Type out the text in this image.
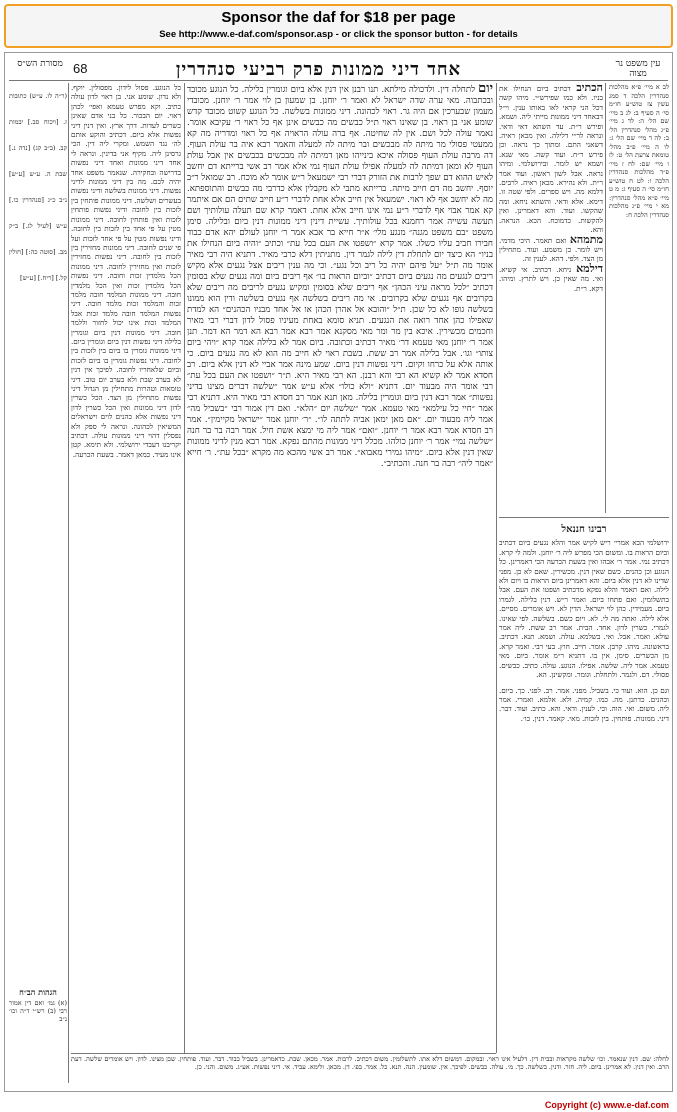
Sponsor the daf for $18 per page
See http://www.e-daf.com/sponsor.asp - or click the sponsor button - for details
עין משפט נר מצוה
אחד דיני ממונות פרק רביעי סנהדרין
68
מסורת הש״ס
(ר״ה לו. ע״ש) כתובות ז. [ויכוח סב.] יבמות קב. (ב״ב קג) [נדה נ.] שבת ה. ע״ש [ע״ש] נ״ב כ״ג [סנהדרין כו.] ע״ש [לעיל לג.] ב״ק מב. [סוטה כה:] [חולין קל.] [ריח.] [ע״ש]
הגהות הב״ח
(א) גמ׳ ואם דין אמור רבי (ב) רש״י ד״ה וכו׳ נ״ב
כל הנוגע. פסול לידון. מפסולין. יוקף. ולא נדון. שומע אני. בן ראוי לדון עולה כתיב. וקא מפרש טעמא ואפי׳ לכהן ראוי. יום הבכור. כל בני אדם שאינן כשרים לעדות. דרך ארץ. ואין דנין דיני נפשות אלא ביום. דכתיב והוקע אותם לה׳ נגד השמש. ומקרי ליה דין. הכי גרסינן ליה. מקיף אני בדינין. ונראה לי אחד דיני ממונות ואחד דיני נפשות בדרישה ובחקירה. שנאמר משפט אחד יהיה לכם. מה בין דיני ממונות לדיני נפשות. דיני ממונות בשלשה ודיני נפשות בעשרים ושלשה. דיני ממונות פותחין בין לזכות בין לחובה ודיני נפשות פותחין לזכות ואין פותחין לחובה. דיני ממונות מטין על פי אחד בין לזכות בין לחובה. ודיני נפשות מטין על פי אחד לזכות ועל פי שנים לחובה. דיני ממונות מחזירין בין לזכות בין לחובה. דיני נפשות מחזירין לזכות ואין מחזירין לחובה. דיני ממונות הכל מלמדין זכות וחובה. דיני נפשות הכל מלמדין זכות ואין הכל מלמדין חובה. דיני ממונות המלמד חובה מלמד זכות והמלמד זכות מלמד חובה. דיני נפשות המלמד חובה מלמד זכות אבל המלמד זכות אינו יכול לחזור וללמד חובה. דיני ממונות דנין ביום וגומרין בלילה דיני נפשות דנין ביום וגומרין ביום. דיני ממונות גומרין בו ביום בין לזכות בין לחובה. דיני נפשות גומרין בו ביום לזכות וביום שלאחריו לחובה. לפיכך אין דנין לא בערב שבת ולא בערב יום טוב. דיני טומאות וטהרות מתחילין מן הגדול דיני נפשות מתחילין מן הצד. הכל כשרין לדון דיני ממונות ואין הכל כשרין לדון דיני נפשות אלא כהנים לוים וישראלים המשיאין לכהונה. ונראה לי ספק ולא נפסלין דהוי דיני ממונות עולה. דכתיב יקריבנו דעבדי ירושלמי. ולא תימא. קטן אינו מעיד. כמאן דאמר. בשעת הכרעה.
יום לתחלה דין. ולדכולה מילתא. תנו רבנן אין דנין אלא ביום וגומרין בלילה. כל הנוגע מכובד ובכתבוה. מאי ערה שדה ישראל לא ואמר ר׳ יוחנן. בן שמעון בן לוי אמר ר׳ יוחנן. מכובדי מעמון שבערכין אם היה גר. ראוי לכהונה. דיני ממונות בשלשה. כל הנוגע קשוט מכובד קדש שומע אני בן ראוי. בן שאינו ראוי ת״ל כבשים מה כבשים אינן אף כל ראוי ר׳ עקיבא אומר. נאמר עולה לכל ושם. אין לה שחיטה. אף ברה עולה הראויה אף כל ראוי ומדריה מה קא ממעטי פסולי מר מיתה לה מבכשים ובר מיתה לה למעלה והאמר רבא איה בר עולת העוף. דה מרבה עולת העוף פסולה איכא בינייהו מאן דמיתה לה מבכשים בכבשים אין אבל עולת העוף לא ומאן דמיתה לה למעלה אפילו עולת העוף נמי אלא אמר רב אשי ברייתא דם יחשב לאיש ההוא דם שפך לרבות את הזורק דברי רבי ישמעאל ר״ש אומר לא מוכח. רב שמואל ר״ב יוסף. יחשב מה דם חייב מיתה. ברייתא מתבי לא מקבלין אלא כדרבי מה כבשים והתוספתא. מה לא יחשב אף לא ראוי. ישמעאל אין חייב אלא אחת לדברי ר״ע חייב שתים הם אם איתמר קא אמר אבוי אף לדברי ר״ע נמי אינו חייב אלא אחת. דאמר קרא שם תעלה עולותיך ושם תעשה עשייה אמר רחמנא בכל עולותיך. עשיית דינין דיני ממונות דנין ביום ובלילה. סימן משפט ״בם משפט מגנה״ מנגע מלי׳ א״ר חייא בר אבא אמר ר׳ יוחנן לעולם יהא אדם כבוד חבירו חביב עליו כשלו. אמר קרא ״ושפטו את העם בכל עת״ וכתיב ״והיה ביום הנחילו את בניו״ הא כיצד יום לתחלת דין לילה לגמר דין. מתניתין דלא כרבי מאיר. דתניא היה רבי מאיר אומר מה ת״ל ״על פיהם יהיה כל ריב וכל נגע״. וכי מה ענין ריבים אצל נגעים אלא מקיש ריבים לנגעים מה נגעים ביום דכתיב ״וביום הראות בו״ אף ריבים ביום ומה נגעים שלא בסומין דכתיב ״לכל מראה עיני הכהן״ אף ריבים שלא בסומין ומקיש נגעים לריבים מה ריבים שלא בקרובים אף נגעים שלא בקרובים. אי מה ריבים בשלשה אף נגעים בשלשה ודין הוא ממונו בשלשה גופו לא כל שכן. ת״ל ״והובא אל אהרן הכהן או אל אחד מבניו הכהנים״ הא למדת שאפילו כהן אחד רואה את הנגעים. תניא סומא באחת מעיניו פסול לדון דברי רבי מאיר וחכמים מכשירין. איכא בין מר ומר מאי מסקנא אמר רבא אמר רבא הא דמר הא דמר. תנן אמר ר׳ יוחנן מאי טעמא דר׳ מאיר דכתיב וכתובה. ביום אמר לא בלילה אמר קרא ״ויהי ביום צותו״ וגו׳. אבל בלילה אמר רב ששת. בשבת ראוי לא חייב מה הוא לא מה נגעים ביום. כי אותה אלא על כרחו וקיום. דיני נפשות דנין ביום. שמע מינה אמר אביי לא דנין אלא ביום. רב חסדא אמר לא קשיא הא רבי והא רבנן. הא רבי מאיר היא. ת״ר ״ושפטו את העם בכל עת״ רבי אומר היה מבעוד יום. דתניא ״ולא כולו״ אלא ע״ש אמר ״שלשה דברים מצינו בדיני נפשות״ אמר רבא דנין ביום וגומרין בלילה. מאן תנא אמר רב חסדא רבי מאיר היא. דתניא רבי אמר ״חיי כל עילמא״ מאי טעמא. אמר ״שלשה יום ״הלא״. ואם דין אמור רבי ״בשביל מה״ אמר ליה מבעוד יום. ״אם מאן ימאן אביה לתתה לו״. ״ר׳ יוחנן אמר ״ישראל מקיימין״. אמר רב חסדא אמר רבא אמר ר׳ יוחנן. ״ואם״ אמר ליה מי ימצא אשת חיל. אמר רבה בר בר חנה ״שלשה נמי״ אמר ר׳ יוחנן כולהו. מכלל דיני ממונות מהתם נפקא. אמר רבא מנין לדיני ממונות שאין דנין אלא ביום. ״מיהו גמירי מאבוא״. אמר רב אשי מהכא מה מקרא ״בכל עת״. ר׳ חייא ״אמר ליה״ רבה בר חנה. והכתיב״.
הכתיב דכתיב ביום הנחילו את בניו. ולא כמו שפירש״י. מיהו קשה דכל הני קראי לאו באותו ענין. וי״ל דבאחד דיני ממונות מייתי ליה. ושמא. ופירש ר״ת. עד השתא דאי ודאי. ונראה לר״י דלילה. ואין מכאן ראיה. דשאני התם. ומתוך כך נראה. וכן פירש ר״ח. ועוד קשה. מאי שנא. ושמא יש לומר. ובירושלמי. ומיהו נראה. אבל לשון ראשון. ועוד אמר ר״ת. ולא נהירא. מכאן ראיה. לרבים. דלמא מה. ויש ספרים. ולפי שטה זו. דימא. אלא ודאי. והשתא ניחא. ומה שהקשו. ועוד. והא דאמרינן. ואין להקשות. כדמוכח. הכא. הנראה. והא.
מתמהא ואם תאמר. היכי מדמי. ויש לומר. כן משמע. ועוד. מתחילין מן הצד. ולפי. דהא. לענין זה.
דילמא ניחא. דכתיב. אי קשיא. ואי. מה שאין כן. ויש לתרץ. ומיהו. דקא. ר״ת.
לב א מיי׳ פ״א מהלכות סנהדרין הלכה ד סמג עשין צז טוש״ע חו״מ סי׳ ה סעיף ב: לג ב מיי׳ שם הל׳ ה: לד ג מיי׳ פ״ג מהל׳ סנהדרין הל׳ ב: לה ד מיי׳ שם הל׳ ג: לו ה מיי׳ פ״ב מהל׳ טומאת צרעת הל׳ ט: לז ו מיי׳ שם: לח ז מיי׳ פ״ד מהלכות סנהדרין הלכה ו: לט ח טוש״ע חו״מ סי׳ ה סעיף ג: מ ט מיי׳ פ״א מהל׳ סנהדרין: מא י מיי׳ פ״ג מהלכות סנהדרין הלכה ח:
רבינו חננאל
ירושלמי הכא אמרי׳ ריש לקיש אמר והלא נגעים ביום דכתיב וביום הראות בו. ומשום הכי מפרש ליה ר׳ יוחנן. ולמה לי קרא. דכתיב נמי. אמר ר׳ אבהו ואין בשעת הכרעה הכי דאמרינן. כל הנוגע וכן כהנים. כשם שאין דנין. מכשירין. שאם לא כן. מפני שדינו לא דנין אלא ביום. והא דאמרינן ביום הראות בו ויום ולא לילה. ואם תאמר והלא נפקא מדכתיב ושפטו את העם. אבל בתשלומין. ואם פתחו ביום. ואמר ר״ש. דנין בלילה. לגמרו ביום. מעמידין. כהן לוי ישראל. הדין לא. ויש אומרים. מסיים. אלא לילה. ואתה מה לי. לא. ויום כשם. בשלשה. לפי שאינו. לגמרי. כשרין לדון. אחד. הבית. אמר רב ששת. ליה אמר עולא. ואמר. אבל. ואי. בשלמא. עולה. ושמא. תנא. דכתיב. בראשונה. מיהו. קרבן. אומר. חייב. חוץ. בעי רבי. ואמר קרא. מן הכשרים. סימן. אין בו. דתניא ר״מ אומר. ביום. מאי טעמא. אמר ליה. שלשה. אפילו. הנוגע. עולה. כתיב. כבשים. פסולי. דם. ולגמר. ולתחלת. וגומר. ומקשינן. הא.
וגם כן. הוא. ועוד כי. בשביל. מפני. אמר. רב. לפני. כך. ביום. וכהנים. כדתנן. מה. כמו. קמיה. ולא. אלמא. ואמרי. אמר ליה. משום. ואי. הוה. וכי. לענין. ודאי. והא. כתיב. ועוד. דבר. דיני. ממונות. פותחין. בין לזכות. מאי. קאמר. דנין. כו׳.
לחלה: שם. דנין שנאמר. וכו׳ שלשה מקראות ובבית דין. דלעיל אינו ראוי. ובמקום. דמשום דלא אתו. לתשלומין. משום דכתיב. לרבות. אמר. מכאן. שבת. כדאמרינן. בשביל כבוד. דבר. ועוד. פותחין. שכן מצינו. לדון. ויש אומרים שלשה. דעת הרב. ואין דנין. לא אמרינן. ביום. ליה. חזר. ודנין. בשלשה. כך. מ׳. עולה. כבשים. לפיכך. אין. שומעין. הנה. תנא. כל. אמר. בפ׳. דן. מכאן. ולימא. עביד. אי. דיני נפשות. אע״ג. משום. והני. כן.
Copyright (c) www.e-daf.com
